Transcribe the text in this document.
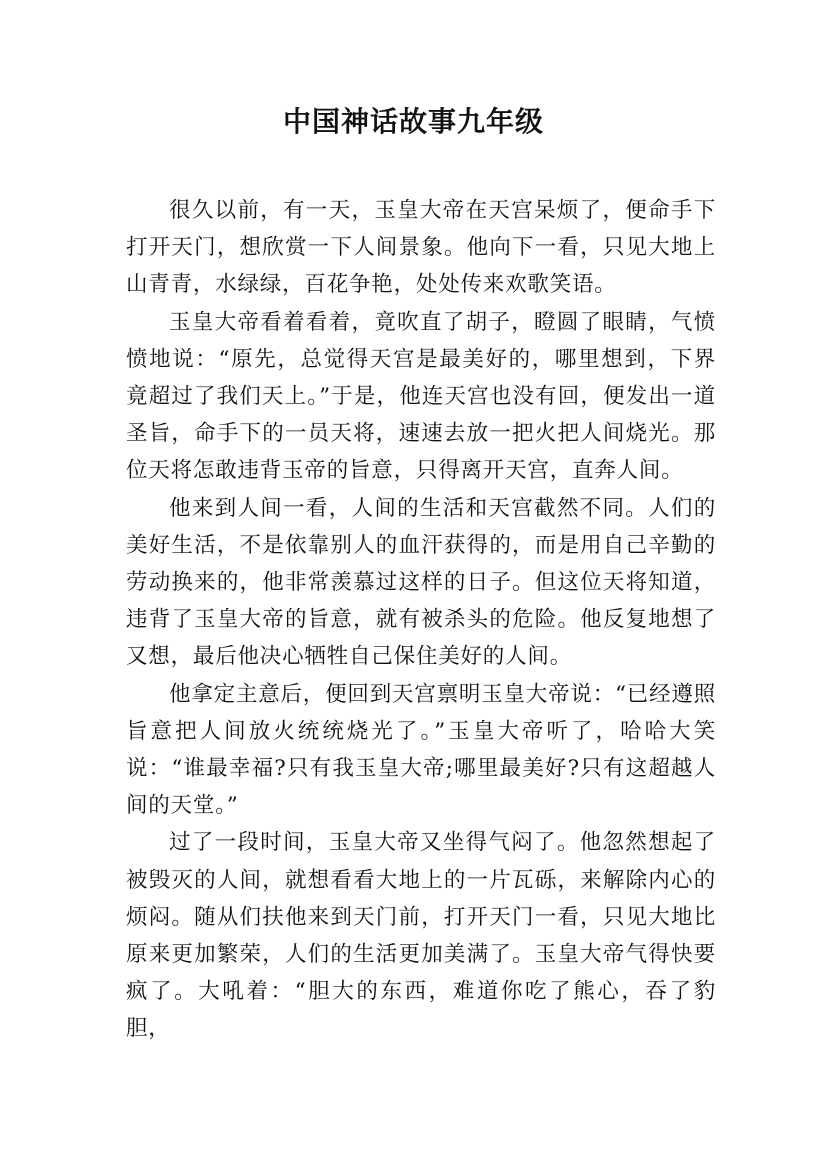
中国神话故事九年级

很久以前，有一天，玉皇大帝在天宫呆烦了，便命手下打开天门，想欣赏一下人间景象。他向下一看，只见大地上山青青，水绿绿，百花争艳，处处传来欢歌笑语。

玉皇大帝看着看着，竟吹直了胡子，瞪圆了眼睛，气愤愤地说：“原先，总觉得天宫是最美好的，哪里想到，下界竟超过了我们天上。”于是，他连天宫也没有回，便发出一道圣旨，命手下的一员天将，速速去放一把火把人间烧光。那位天将怎敢违背玉帝的旨意，只得离开天宫，直奔人间。

他来到人间一看，人间的生活和天宫截然不同。人们的美好生活，不是依靠别人的血汗获得的，而是用自己辛勤的劳动换来的，他非常羡慕过这样的日子。但这位天将知道，违背了玉皇大帝的旨意，就有被杀头的危险。他反复地想了又想，最后他决心牺牲自己保住美好的人间。

他拿定主意后，便回到天宫禀明玉皇大帝说：“已经遵照旨意把人间放火统统烧光了。”玉皇大帝听了，哈哈大笑说：“谁最幸福?只有我玉皇大帝;哪里最美好?只有这超越人间的天堂。”

过了一段时间，玉皇大帝又坐得气闷了。他忽然想起了被毁灭的人间，就想看看大地上的一片瓦砾，来解除内心的烦闷。随从们扶他来到天门前，打开天门一看，只见大地比原来更加繁荣，人们的生活更加美满了。玉皇大帝气得快要疯了。大吼着：“胆大的东西，难道你吃了熊心，吞了豹胆，
